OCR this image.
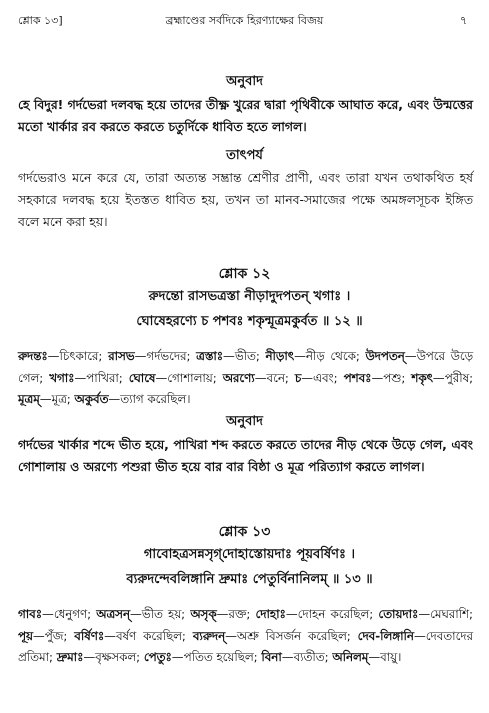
শ্লোক ১৩]	ব্রহ্মাণ্ডের সর্বদিকে হিরণ্যাক্ষের বিজয়	৭
অনুবাদ
হে বিদুর! গর্দভেরা দলবদ্ধ হয়ে তাদের তীক্ষ্ণ খুরের দ্বারা পৃথিবীকে আঘাত করে, এবং উন্মত্তের মতো খার্কার রব করতে করতে চতুর্দিকে ধাবিত হতে লাগল।
তাৎপর্য
গর্দভেরাও মনে করে যে, তারা অত্যন্ত সম্ভ্রান্ত শ্রেণীর প্রাণী, এবং তারা যখন তথাকথিত হর্ষ সহকারে দলবদ্ধ হয়ে ইতস্তত ধাবিত হয়, তখন তা মানব-সমাজের পক্ষে অমঙ্গলসূচক ইঙ্গিত বলে মনে করা হয়।
শ্লোক ১২
রুদন্তো রাসভত্রস্তা নীড়াদুদপতন্ খগাঃ ।
ঘোষেহরণ্যে চ পশবঃ শকৃন্মূত্রমকুর্বত ॥ ১২ ॥
রুদন্তঃ—চিৎকারে; রাসভ—গর্দভদের; ত্রস্তাঃ—ভীত; নীড়াৎ—নীড় থেকে; উদপতন্—উপরে উড়ে গেল; খগাঃ—পাখিরা; ঘোষে—গোশালায়; অরণ্যে—বনে; চ—এবং; পশবঃ—পশু; শকৃৎ—পুরীষ; মূত্রম্—মূত্র; অকুর্বত—ত্যাগ করেছিল।
অনুবাদ
গর্দভের খার্কার শব্দে ভীত হয়ে, পাখিরা শব্দ করতে করতে তাদের নীড় থেকে উড়ে গেল, এবং গোশালায় ও অরণ্যে পশুরা ভীত হয়ে বার বার বিষ্ঠা ও মূত্র পরিত্যাগ করতে লাগল।
শ্লোক ১৩
গাবোহত্রসন্নসৃগ্‌দোহাস্তোয়দাঃ পূয়বর্ষিণঃ ।
ব্যরুদন্দেবলিঙ্গানি দ্রুমাঃ পেতুর্বিনানিলম্ ॥ ১৩ ॥
গাবঃ—ধেনুগণ; অত্রসন্—ভীত হয়; অসৃক্—রক্ত; দোহাঃ—দোহন করেছিল; তোয়দাঃ—মেঘরাশি; পূয়—পুঁজ; বর্ষিণঃ—বর্ষণ করেছিল; ব্যরুদন্—অশ্রু বিসর্জন করেছিল; দেব-লিঙ্গানি—দেবতাদের প্রতিমা; দ্রুমাঃ—বৃক্ষসকল; পেতুঃ—পতিত হয়েছিল; বিনা—ব্যতীত; অনিলম্—বায়ু।
